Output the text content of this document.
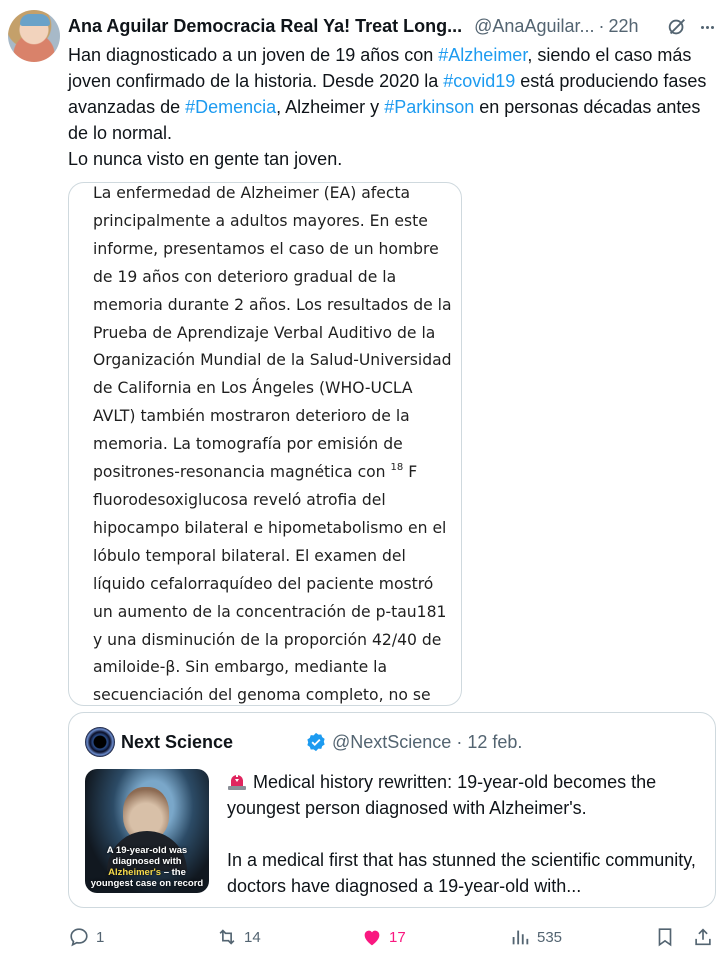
Ana Aguilar Democracia Real Ya! Treat Long... @AnaAguilar... · 22h
Han diagnosticado a un joven de 19 años con #Alzheimer, siendo el caso más joven confirmado de la historia. Desde 2020 la #covid19 está produciendo fases avanzadas de #Demencia, Alzheimer y #Parkinson en personas décadas antes de lo normal.
Lo nunca visto en gente tan joven.
La enfermedad de Alzheimer (EA) afecta principalmente a adultos mayores. En este informe, presentamos el caso de un hombre de 19 años con deterioro gradual de la memoria durante 2 años. Los resultados de la Prueba de Aprendizaje Verbal Auditivo de la Organización Mundial de la Salud-Universidad de California en Los Ángeles (WHO-UCLA AVLT) también mostraron deterioro de la memoria. La tomografía por emisión de positrones-resonancia magnética con $^{18}$ F fluorodesoxiglucosa reveló atrofia del hipocampo bilateral e hipometabolismo en el lóbulo temporal bilateral. El examen del líquido cefalorraquídeo del paciente mostró un aumento de la concentración de p-tau181 y una disminución de la proporción 42/40 de amiloide-β. Sin embargo, mediante la secuenciación del genoma completo, no se
Next Science	@NextScience · 12 feb.
A 19-year-old was diagnosed with Alzheimer's – the youngest case on record

Medical history rewritten: 19-year-old becomes the youngest person diagnosed with Alzheimer's.

In a medical first that has stunned the scientific community, doctors have diagnosed a 19-year-old with...

1	14	17	535
